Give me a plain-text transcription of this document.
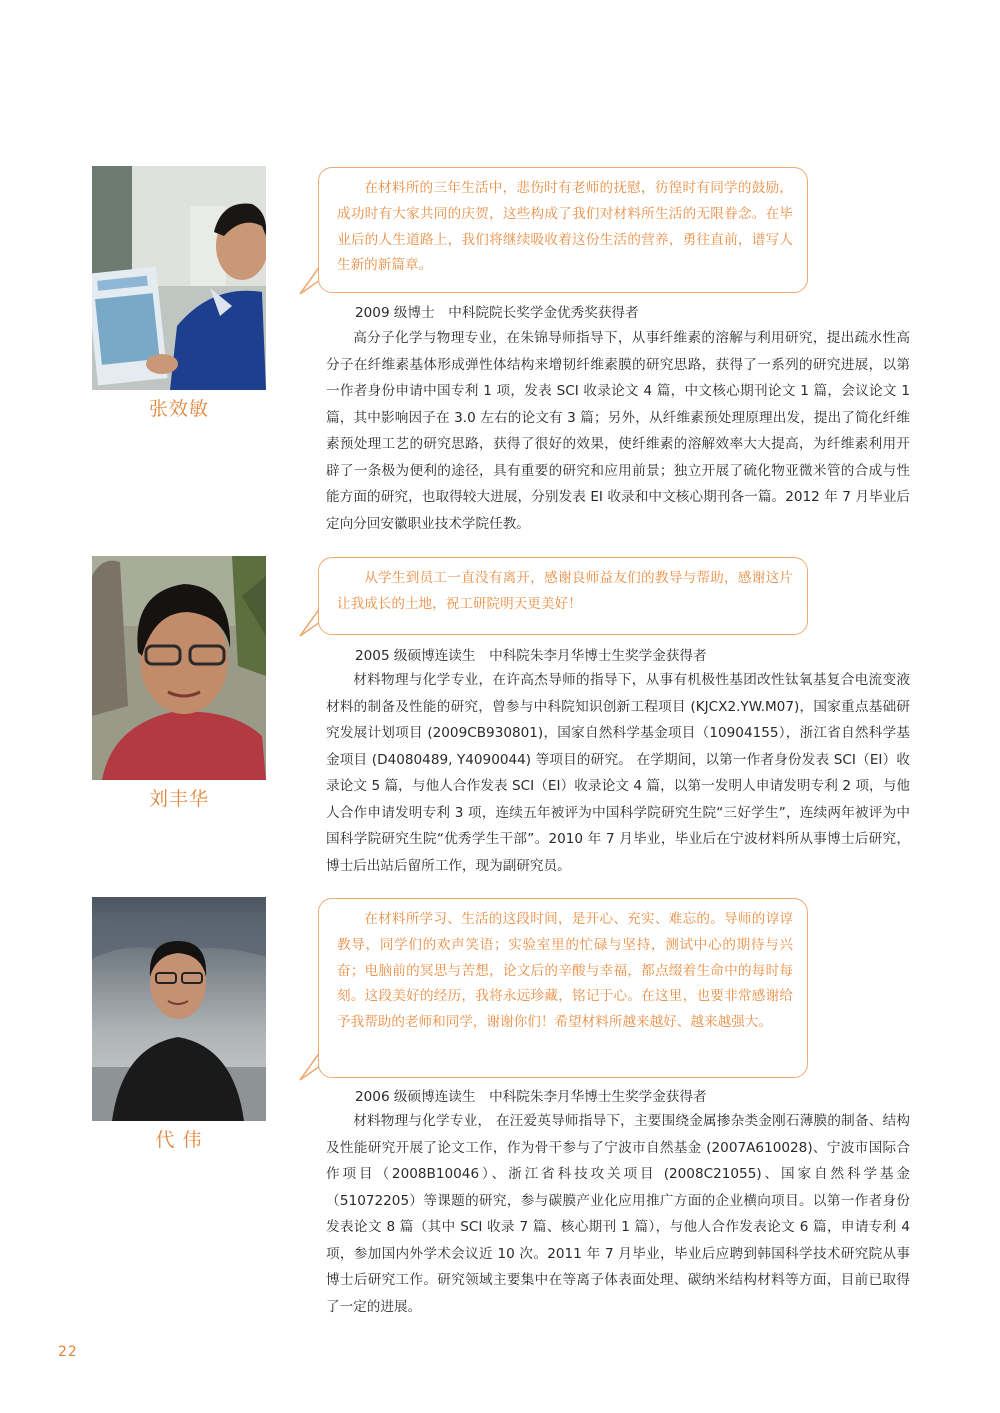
张效敏
在材料所的三年生活中，悲伤时有老师的抚慰，彷徨时有同学的鼓励，成功时有大家共同的庆贺，这些构成了我们对材料所生活的无限眷念。在毕业后的人生道路上，我们将继续吸收着这份生活的营养，勇往直前，谱写人生新的新篇章。
2009 级博士　中科院院长奖学金优秀奖获得者

高分子化学与物理专业，在朱锦导师指导下，从事纤维素的溶解与利用研究，提出疏水性高分子在纤维素基体形成弹性体结构来增韧纤维素膜的研究思路，获得了一系列的研究进展，以第一作者身份申请中国专利 1 项，发表 SCI 收录论文 4 篇，中文核心期刊论文 1 篇，会议论文 1 篇，其中影响因子在 3.0 左右的论文有 3 篇；另外，从纤维素预处理原理出发，提出了简化纤维素预处理工艺的研究思路，获得了很好的效果，使纤维素的溶解效率大大提高，为纤维素利用开辟了一条极为便利的途径，具有重要的研究和应用前景；独立开展了硫化物亚微米管的合成与性能方面的研究，也取得较大进展，分别发表 EI 收录和中文核心期刊各一篇。2012 年 7 月毕业后定向分回安徽职业技术学院任教。

刘丰华
从学生到员工一直没有离开，感谢良师益友们的教导与帮助，感谢这片让我成长的土地，祝工研院明天更美好！
2005 级硕博连读生　中科院朱李月华博士生奖学金获得者

材料物理与化学专业，在许高杰导师的指导下，从事有机极性基团改性钛氧基复合电流变液材料的制备及性能的研究，曾参与中科院知识创新工程项目 (KJCX2.YW.M07)，国家重点基础研究发展计划项目 (2009CB930801)，国家自然科学基金项目（10904155），浙江省自然科学基金项目 (D4080489, Y4090044) 等项目的研究。 在学期间，以第一作者身份发表 SCI（EI）收录论文 5 篇，与他人合作发表 SCI（EI）收录论文 4 篇，以第一发明人申请发明专利 2 项，与他人合作申请发明专利 3 项，连续五年被评为中国科学院研究生院“三好学生”，连续两年被评为中国科学院研究生院“优秀学生干部”。2010 年 7 月毕业，毕业后在宁波材料所从事博士后研究，博士后出站后留所工作，现为副研究员。

代 伟
在材料所学习、生活的这段时间，是开心、充实、难忘的。导师的谆谆教导，同学们的欢声笑语；实验室里的忙碌与坚持，测试中心的期待与兴奋；电脑前的冥思与苦想，论文后的辛酸与幸福，都点缀着生命中的每时每刻。这段美好的经历，我将永远珍藏，铭记于心。在这里，也要非常感谢给予我帮助的老师和同学，谢谢你们！希望材料所越来越好、越来越强大。
2006 级硕博连读生　中科院朱李月华博士生奖学金获得者

材料物理与化学专业， 在汪爱英导师指导下，主要围绕金属掺杂类金刚石薄膜的制备、结构及性能研究开展了论文工作，作为骨干参与了宁波市自然基金 (2007A610028)、宁波市国际合作项目（2008B10046）、浙江省科技攻关项目 (2008C21055)、国家自然科学基金（51072205）等课题的研究，参与碳膜产业化应用推广方面的企业横向项目。以第一作者身份发表论文 8 篇（其中 SCI 收录 7 篇、核心期刊 1 篇），与他人合作发表论文 6 篇，申请专利 4 项，参加国内外学术会议近 10 次。2011 年 7 月毕业，毕业后应聘到韩国科学技术研究院从事博士后研究工作。研究领域主要集中在等离子体表面处理、碳纳米结构材料等方面，目前已取得了一定的进展。

22
